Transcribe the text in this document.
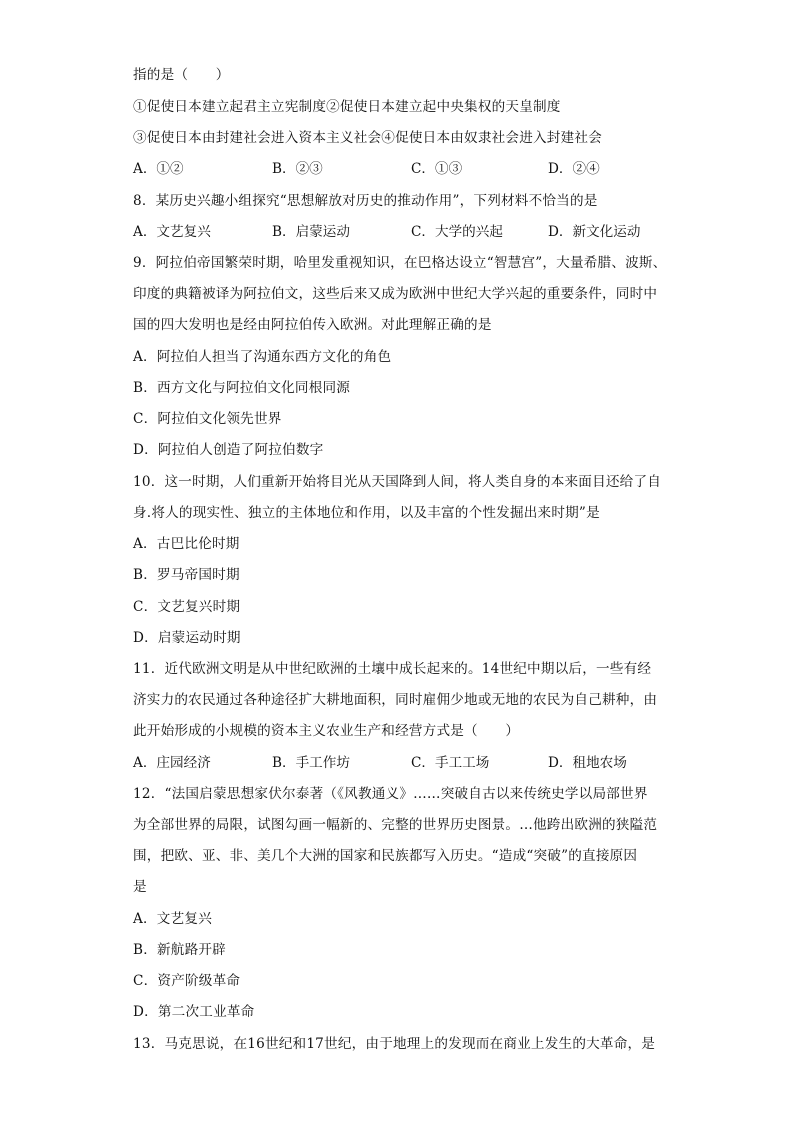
指的是（　　）
①促使日本建立起君主立宪制度②促使日本建立起中央集权的天皇制度
③促使日本由封建社会进入资本主义社会④促使日本由奴隶社会进入封建社会
A．①②	B．②③	C．①③	D．②④
8．某历史兴趣小组探究“思想解放对历史的推动作用”，下列材料不恰当的是
A．文艺复兴	B．启蒙运动	C．大学的兴起	D．新文化运动
9．阿拉伯帝国繁荣时期，哈里发重视知识，在巴格达设立“智慧宫”，大量希腊、波斯、
印度的典籍被译为阿拉伯文，这些后来又成为欧洲中世纪大学兴起的重要条件，同时中
国的四大发明也是经由阿拉伯传入欧洲。对此理解正确的是
A．阿拉伯人担当了沟通东西方文化的角色
B．西方文化与阿拉伯文化同根同源
C．阿拉伯文化领先世界
D．阿拉伯人创造了阿拉伯数字
10．这一时期，人们重新开始将目光从天国降到人间，将人类自身的本来面目还给了自
身.将人的现实性、独立的主体地位和作用，以及丰富的个性发掘出来时期”是
A．古巴比伦时期
B．罗马帝国时期
C．文艺复兴时期
D．启蒙运动时期
11．近代欧洲文明是从中世纪欧洲的土壤中成长起来的。14世纪中期以后，一些有经
济实力的农民通过各种途径扩大耕地面积，同时雇佣少地或无地的农民为自己耕种，由
此开始形成的小规模的资本主义农业生产和经营方式是（　　）
A．庄园经济	B．手工作坊	C．手工工场	D．租地农场
12．“法国启蒙思想家伏尔泰著（《风教通义》……突破自古以来传统史学以局部世界
为全部世界的局限，试图勾画一幅新的、完整的世界历史图景。…他跨出欧洲的狭隘范
围，把欧、亚、非、美几个大洲的国家和民族都写入历史。“造成“突破”的直接原因
是
A．文艺复兴
B．新航路开辟
C．资产阶级革命
D．第二次工业革命
13．马克思说，在16世纪和17世纪，由于地理上的发现而在商业上发生的大革命，是
